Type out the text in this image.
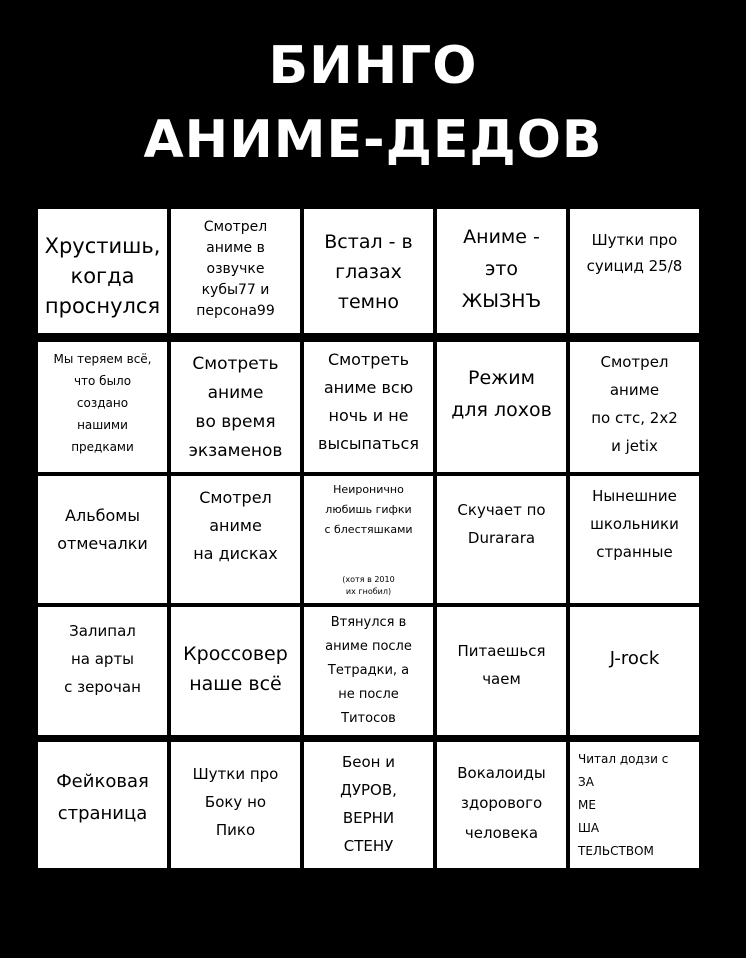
БИНГО
АНИМЕ-ДЕДОВ

Хрустишь,
когда
проснулся

Смотрел
аниме в
озвучке
кубы77 и
персона99

Встал - в
глазах
темно

Аниме -
это
ЖЫЗНЪ

Шутки про
суицид 25/8

Мы теряем всё,
что было
создано
нашими
предками

Смотреть
аниме
во время
экзаменов

Смотреть
аниме всю
ночь и не
высыпаться

Режим
для лохов

Смотрел
аниме
по стс, 2х2
и jetix

Альбомы
отмечалки

Смотрел
аниме
на дисках

Неиронично
любишь гифки
с блестяшками

(хотя в 2010
их гнобил)

Скучает по
Durarara

Нынешние
школьники
странные

Залипал
на арты
с зерочан

Кроссовер
наше всё

Втянулся в
аниме после
Тетрадки, а
не после
Титосов

Питаешься
чаем

J-rock

Фейковая
страница

Шутки про
Боку но
Пико

Беон и
ДУРОВ,
ВЕРНИ
СТЕНУ

Вокалоиды
здорового
человека

Читал додзи с
ЗА
МЕ
ША
ТЕЛЬСТВОМ
